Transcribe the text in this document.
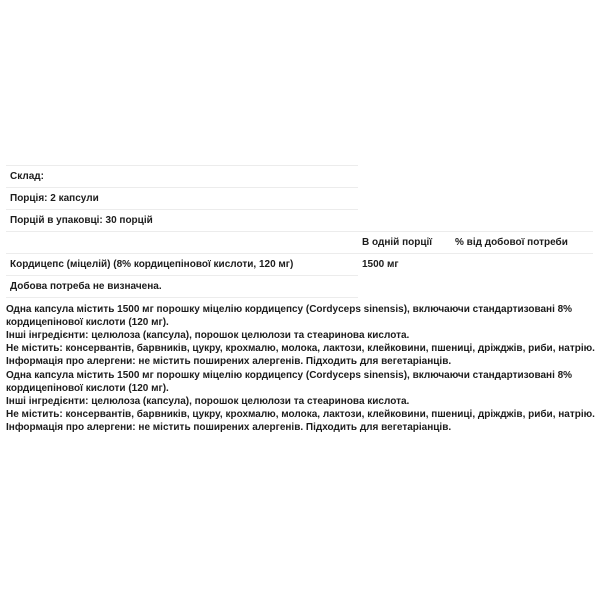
Склад:
Порція: 2 капсули
Порцій в упаковці: 30 порцій
В одній порції % від добової потреби
Кордицепс (міцелій) (8% кордицепінової кислоти, 120 мг)	1500 мг
Добова потреба не визначена.

Одна капсула містить 1500 мг порошку міцелію кордицепсу (Cordyceps sinensis), включаючи стандартизовані 8%

кордицепінової кислоти (120 мг).

Інші інгредієнти: целюлоза (капсула), порошок целюлози та стеаринова кислота.

Не містить: консервантів, барвників, цукру, крохмалю, молока, лактози, клейковини, пшениці, дріжджів, риби, натрію.

Інформація про алергени: не містить поширених алергенів. Підходить для вегетаріанців.

Одна капсула містить 1500 мг порошку міцелію кордицепсу (Cordyceps sinensis), включаючи стандартизовані 8%

кордицепінової кислоти (120 мг).

Інші інгредієнти: целюлоза (капсула), порошок целюлози та стеаринова кислота.

Не містить: консервантів, барвників, цукру, крохмалю, молока, лактози, клейковини, пшениці, дріжджів, риби, натрію.

Інформація про алергени: не містить поширених алергенів. Підходить для вегетаріанців.
